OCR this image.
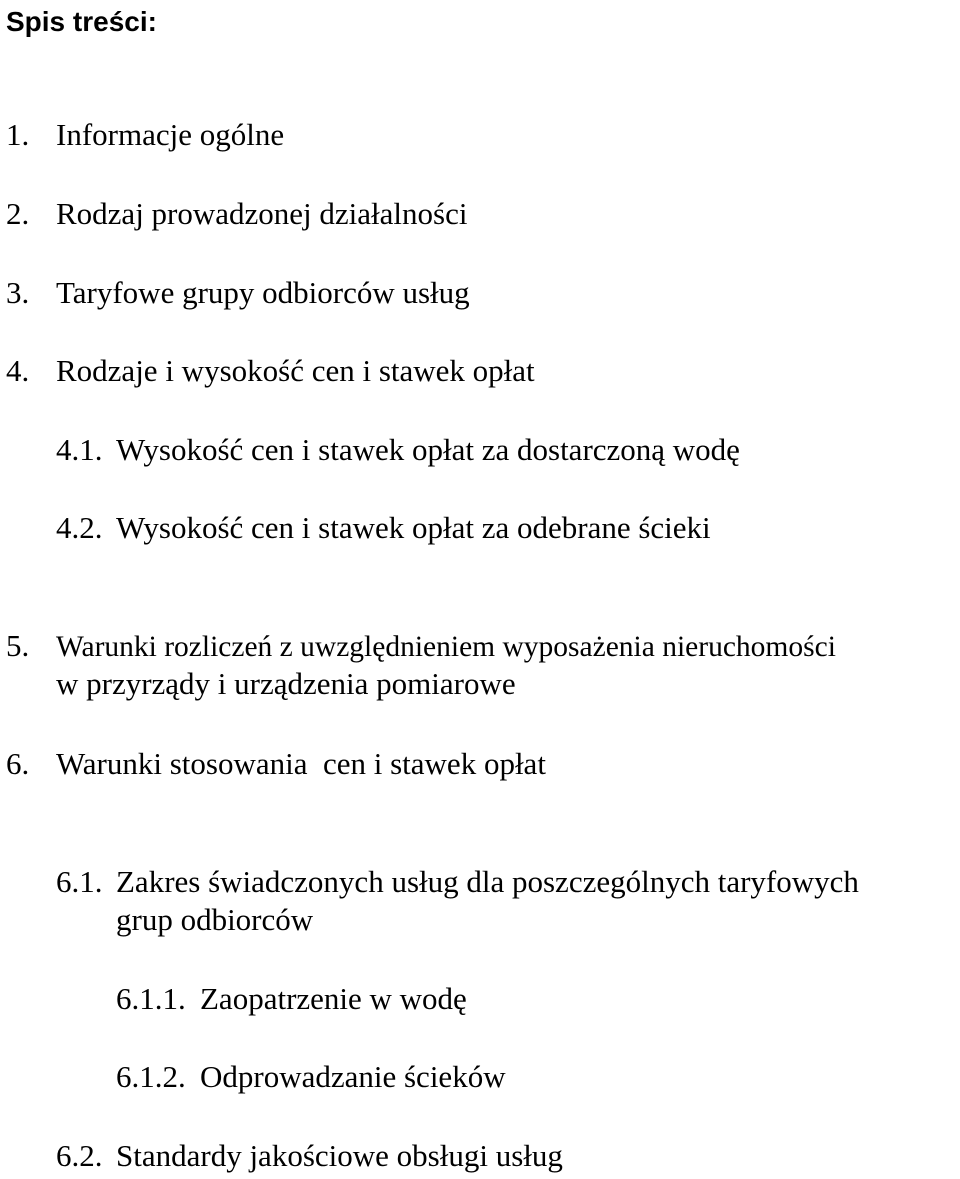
Spis treści:
1. Informacje ogólne
2. Rodzaj prowadzonej działalności
3. Taryfowe grupy odbiorców usług
4. Rodzaje i wysokość cen i stawek opłat
4.1. Wysokość cen i stawek opłat za dostarczoną wodę
4.2. Wysokość cen i stawek opłat za odebrane ścieki
5. Warunki rozliczeń z uwzględnieniem wyposażenia nieruchomości
w przyrządy i urządzenia pomiarowe
6. Warunki stosowania  cen i stawek opłat
6.1. Zakres świadczonych usług dla poszczególnych taryfowych
grup odbiorców
6.1.1. Zaopatrzenie w wodę
6.1.2. Odprowadzanie ścieków
6.2. Standardy jakościowe obsługi usług
